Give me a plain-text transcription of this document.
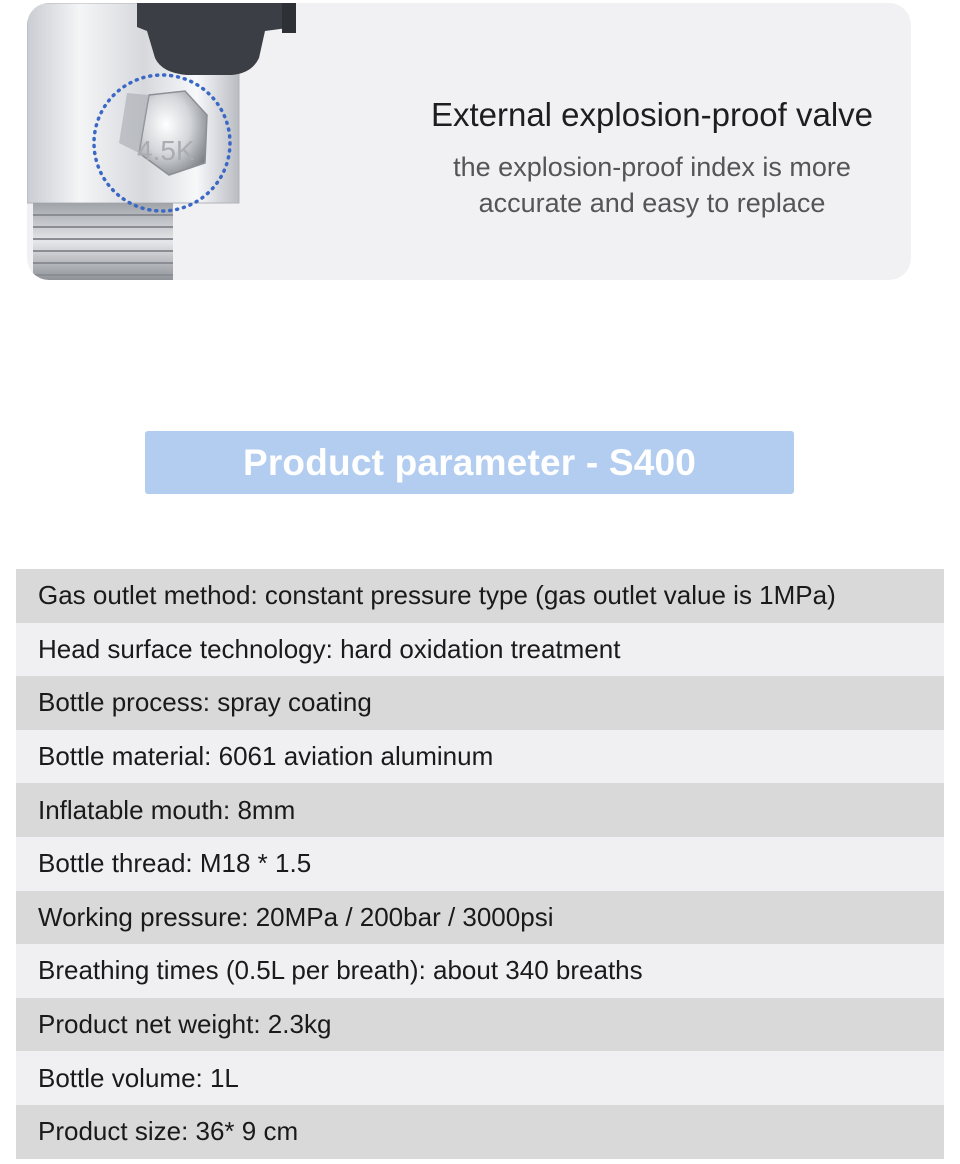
4.5K
External explosion-proof valve
the explosion-proof index is more accurate and easy to replace
Product parameter - S400
Gas outlet method: constant pressure type (gas outlet value is 1MPa)
Head surface technology: hard oxidation treatment
Bottle process: spray coating
Bottle material: 6061 aviation aluminum
Inflatable mouth: 8mm
Bottle thread: M18 * 1.5
Working pressure: 20MPa / 200bar / 3000psi
Breathing times (0.5L per breath): about 340 breaths
Product net weight: 2.3kg
Bottle volume: 1L
Product size: 36* 9 cm
